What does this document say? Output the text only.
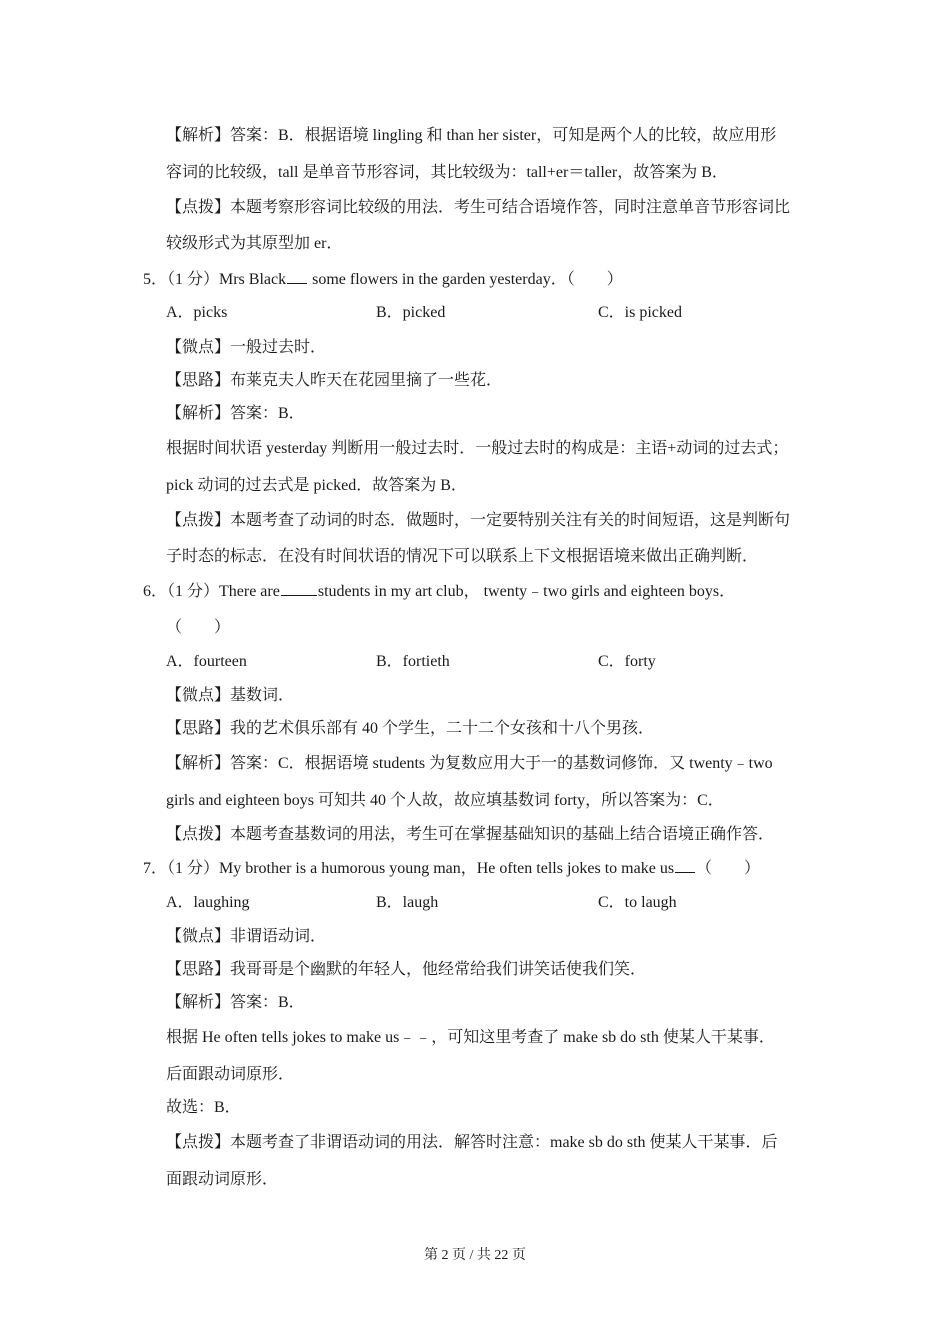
【解析】答案：B．根据语境 lingling 和 than her sister，可知是两个人的比较，故应用形
容词的比较级，tall 是单音节形容词，其比较级为：tall+er＝taller，故答案为 B．
【点拨】本题考察形容词比较级的用法．考生可结合语境作答，同时注意单音节形容词比
较级形式为其原型加 er．
5．（1 分）Mrs Black some flowers in the garden yesterday．（　　）
A．picks	B．picked	C．is picked
【微点】一般过去时．
【思路】布莱克夫人昨天在花园里摘了一些花．
【解析】答案：B．
根据时间状语 yesterday 判断用一般过去时．一般过去时的构成是：主语+动词的过去式；
pick 动词的过去式是 picked．故答案为 B．
【点拨】本题考查了动词的时态．做题时，一定要特别关注有关的时间短语，这是判断句
子时态的标志．在没有时间状语的情况下可以联系上下文根据语境来做出正确判断．
6．（1 分）There are students in my art club， twenty﹣two girls and eighteen boys．
（　　）
A．fourteen	B．fortieth	C．forty
【微点】基数词．
【思路】我的艺术俱乐部有 40 个学生，二十二个女孩和十八个男孩．
【解析】答案：C．根据语境 students 为复数应用大于一的基数词修饰．又 twenty﹣two
girls and eighteen boys 可知共 40 个人故，故应填基数词 forty，所以答案为：C．
【点拨】本题考查基数词的用法，考生可在掌握基础知识的基础上结合语境正确作答．
7．（1 分）My brother is a humorous young man，He often tells jokes to make us （　　）
A．laughing	B．laugh	C．to laugh
【微点】非谓语动词．
【思路】我哥哥是个幽默的年轻人，他经常给我们讲笑话使我们笑．
【解析】答案：B．
根据 He often tells jokes to make us﹣﹣，可知这里考查了 make sb do sth 使某人干某事．
后面跟动词原形．
故选：B．
【点拨】本题考查了非谓语动词的用法．解答时注意：make sb do sth 使某人干某事．后
面跟动词原形．
第 2 页 / 共 22 页
